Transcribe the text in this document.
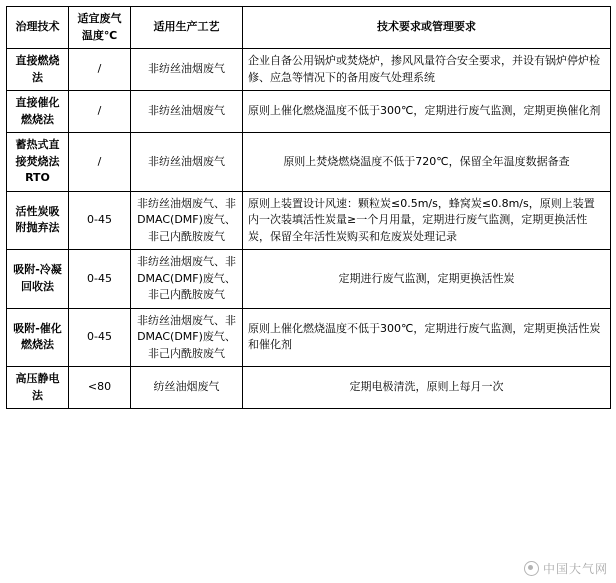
治理技术	适宜废气温度℃	适用生产工艺	技术要求或管理要求
直接燃烧法	/	非纺丝油烟废气	企业自备公用锅炉或焚烧炉，掺风风量符合安全要求，并设有锅炉停炉检修、应急等情况下的备用废气处理系统
直接催化燃烧法	/	非纺丝油烟废气	原则上催化燃烧温度不低于300℃，定期进行废气监测，定期更换催化剂
蓄热式直接焚烧法RTO	/	非纺丝油烟废气	原则上焚烧燃烧温度不低于720℃，保留全年温度数据备查
活性炭吸附抛弃法	0-45	非纺丝油烟废气、非DMAC(DMF)废气、非己内酰胺废气	原则上装置设计风速：颗粒炭≤0.5m/s，蜂窝炭≤0.8m/s，原则上装置内一次装填活性炭量≥一个月用量，定期进行废气监测，定期更换活性炭，保留全年活性炭购买和危废炭处理记录
吸附-冷凝回收法	0-45	非纺丝油烟废气、非DMAC(DMF)废气、非己内酰胺废气	定期进行废气监测，定期更换活性炭
吸附-催化燃烧法	0-45	非纺丝油烟废气、非DMAC(DMF)废气、非己内酰胺废气	原则上催化燃烧温度不低于300℃，定期进行废气监测，定期更换活性炭和催化剂
高压静电法	<80	纺丝油烟废气	定期电极清洗，原则上每月一次
中国大气网
